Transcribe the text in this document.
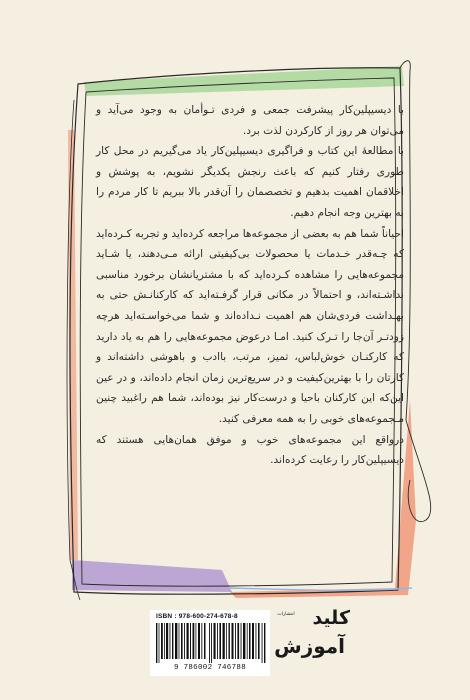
با دیسیپلین‌کار پیشرفت جمعی و فردی تـوأمان به وجود می‌آید و می‌توان هر روز از کارکردن لذت برد.

با مطالعهٔ این کتاب و فراگیری دیسیپلین‌کار یاد می‌گیریم در محل کار طوری رفتار کنیم که باعث رنجش یکدیگر نشویم، به پوشش و اخلاقمان اهمیت بدهیم و تخصصمان را آن‌قدر بالا ببریم تا کار مردم را به بهترین وجه انجام دهیم.

احیاناً شما هم به بعضی از مجموعه‌ها مراجعه کرده‌اید و تجربه کـرده‌اید که چـه‌قدر خـدمات یا محصولات بی‌کیفیتی ارائه مـی‌دهند، یا شـاید مجموعه‌هایی را مشاهده کـرده‌اید که با مشتریانشان برخورد مناسبی نداشـته‌اند، و احتمالاً در مکانی قرار گرفـته‌اید که کارکنانـش حتی به بهـداشت فردی‌شان هم اهمیت نـداده‌اند و شما می‌خواسـته‌اید هرچه زودتـر آن‌جا را تـرک کنید. امـا درعوض مجموعه‌هایی را هم به یاد دارید که کارکنـان خوش‌لباس، تمیز، مرتب، باادب و باهوشی داشته‌اند و کارتان را با بهترین‌کیفیت و در سریع‌ترین زمان انجام داده‌اند، و در عین این‌که این کارکنان باحیا و درست‌کار نیز بوده‌اند، شما هم راغبید چنین مـجموعه‌های خوبی را به همه معرفی کنید.

درواقع این مجموعه‌های خوب و موفق همان‌هایی هستند که دیسیپلین‌کار را رعایت کرده‌اند.

ISBN : 978-600-274-678-8
9 786002 746788
انتشارات کلید
آموزش
